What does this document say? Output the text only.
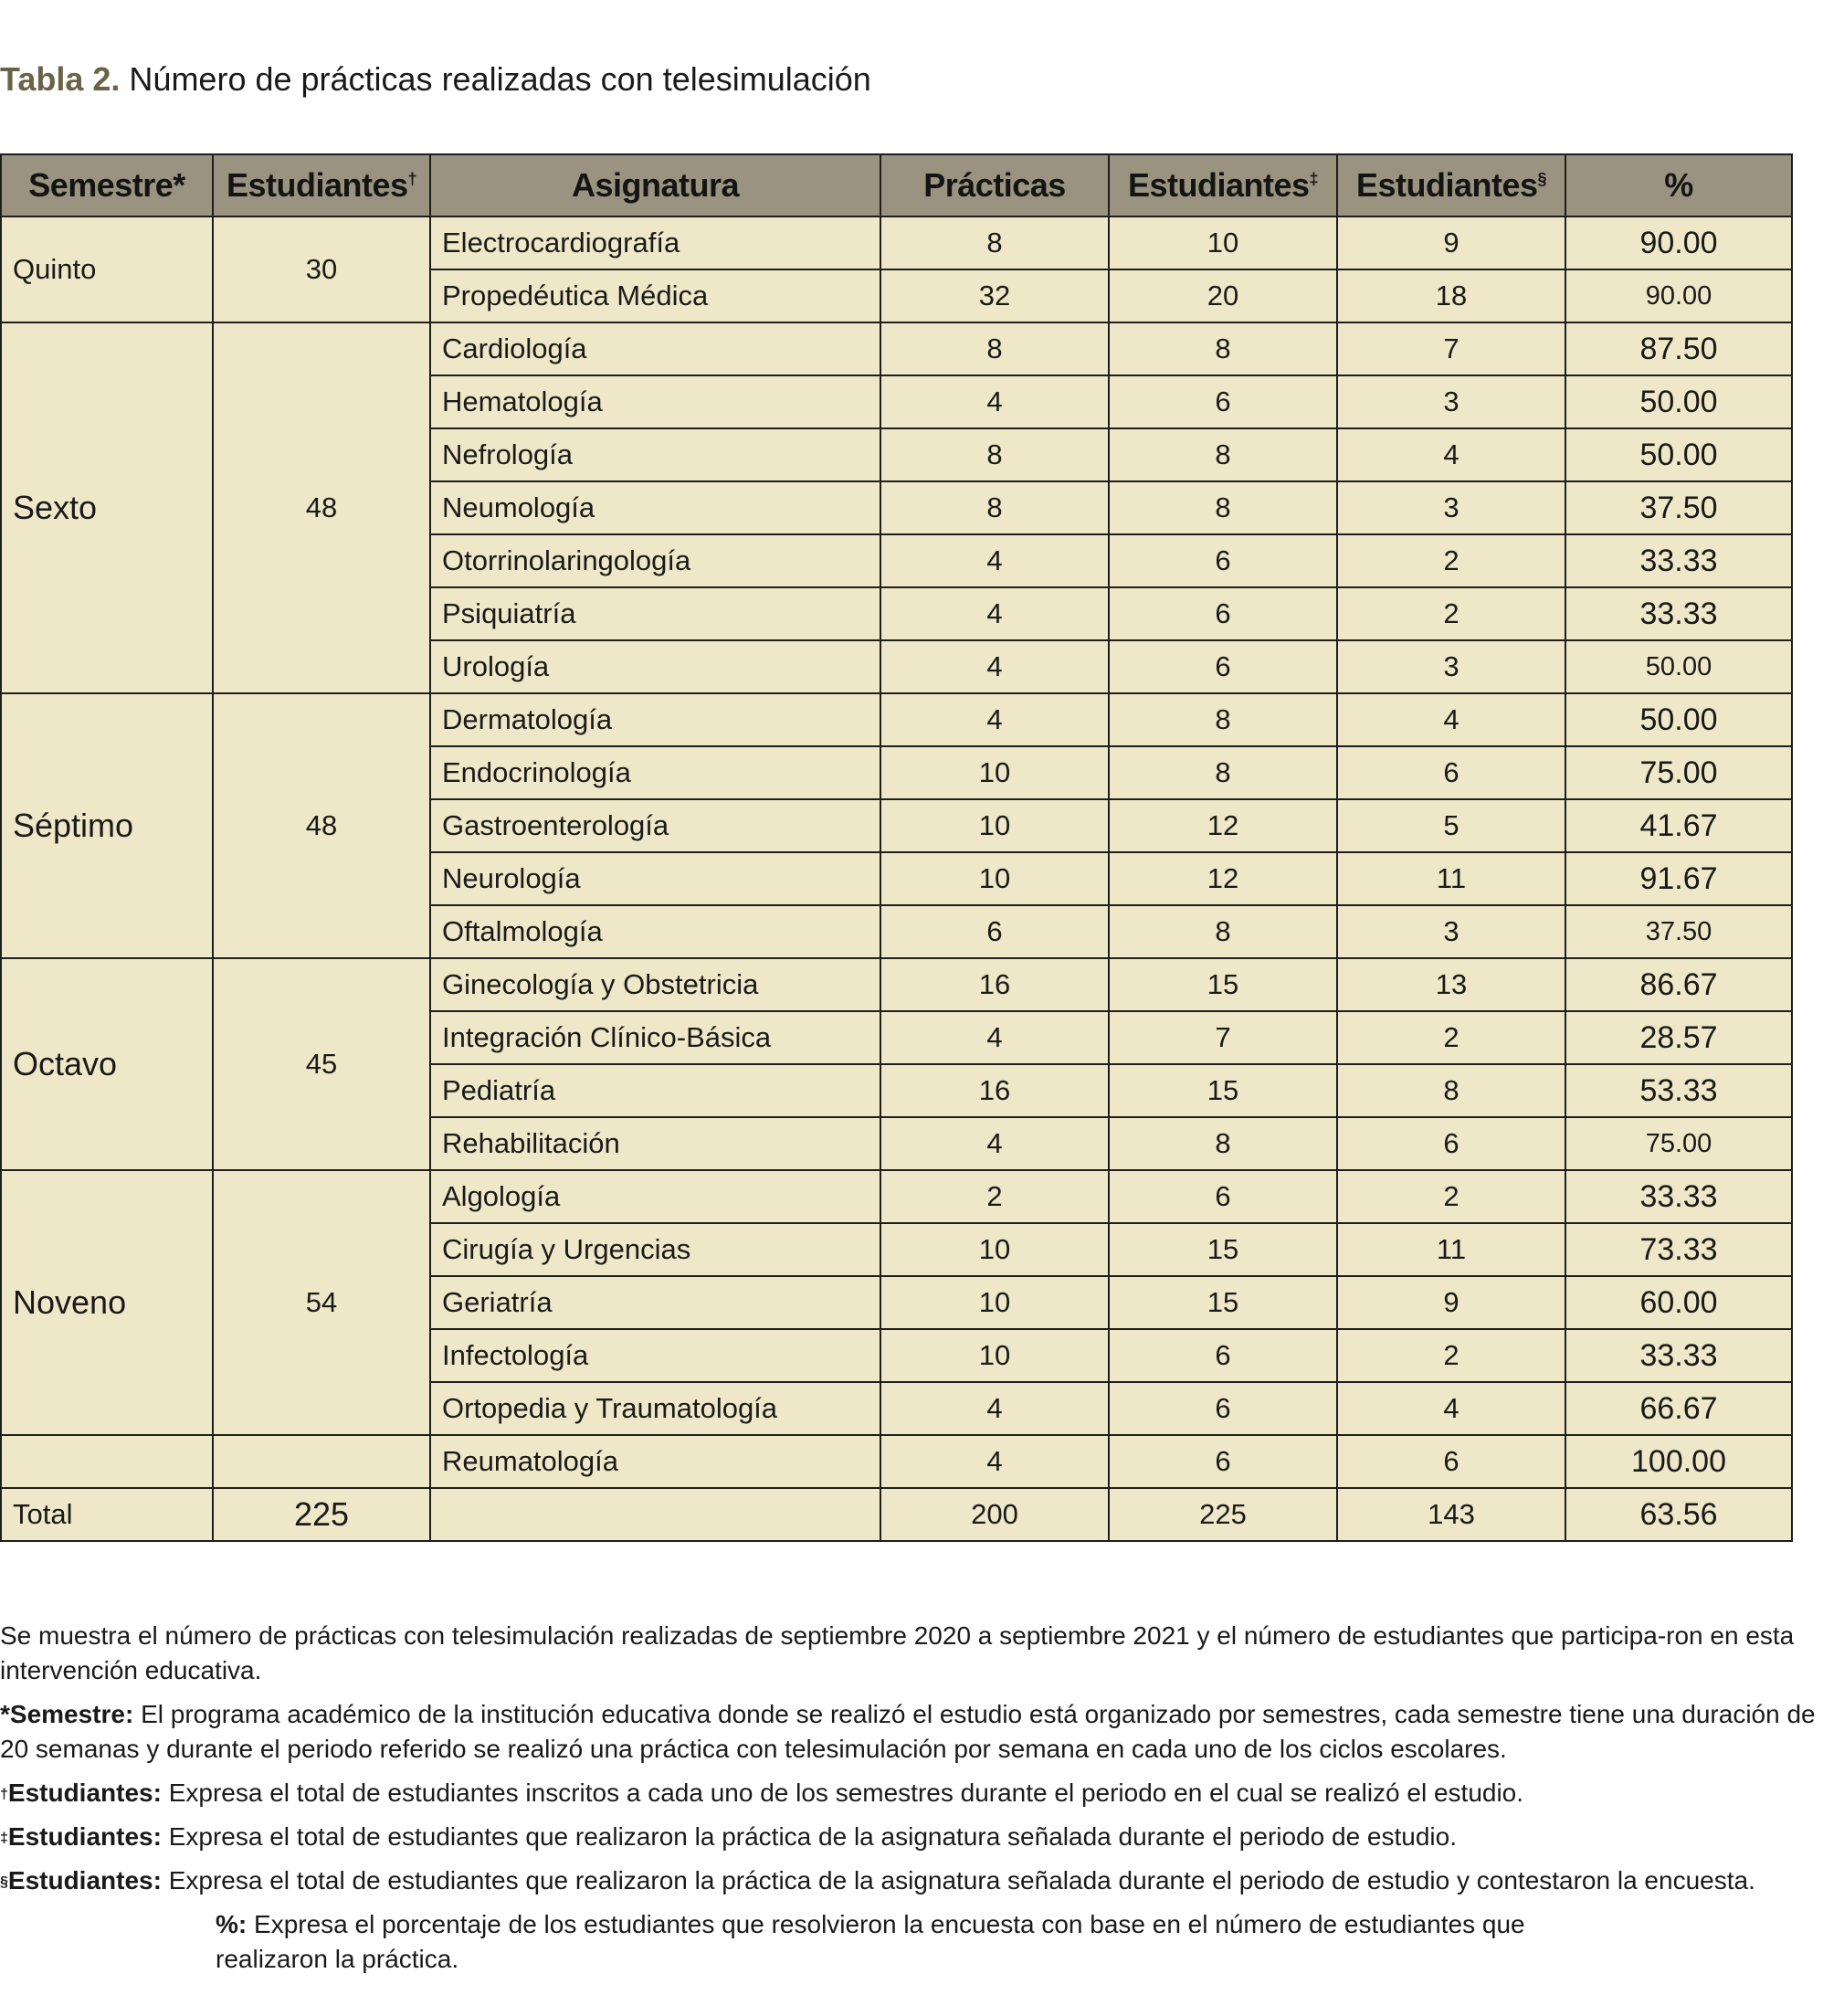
Tabla 2. Número de prácticas realizadas con telesimulación
Semestre*	Estudiantes†	Asignatura	Prácticas	Estudiantes‡	Estudiantes§	%
Quinto	30	Electrocardiografía	8	10	9	90.00
		Propedéutica Médica	32	20	18	90.00
Sexto	48	Cardiología	8	8	7	87.50
		Hematología	4	6	3	50.00
		Nefrología	8	8	4	50.00
		Neumología	8	8	3	37.50
		Otorrinolaringología	4	6	2	33.33
		Psiquiatría	4	6	2	33.33
		Urología	4	6	3	50.00
Séptimo	48	Dermatología	4	8	4	50.00
		Endocrinología	10	8	6	75.00
		Gastroenterología	10	12	5	41.67
		Neurología	10	12	11	91.67
		Oftalmología	6	8	3	37.50
Octavo	45	Ginecología y Obstetricia	16	15	13	86.67
		Integración Clínico-Básica	4	7	2	28.57
		Pediatría	16	15	8	53.33
		Rehabilitación	4	8	6	75.00
Noveno	54	Algología	2	6	2	33.33
		Cirugía y Urgencias	10	15	11	73.33
		Geriatría	10	15	9	60.00
		Infectología	10	6	2	33.33
		Ortopedia y Traumatología	4	6	4	66.67
		Reumatología	4	6	6	100.00
Total	225		200	225	143	63.56

Se muestra el número de prácticas con telesimulación realizadas de septiembre 2020 a septiembre 2021 y el número de estudiantes que participa-ron en esta intervención educativa.

*Semestre: El programa académico de la institución educativa donde se realizó el estudio está organizado por semestres, cada semestre tiene una duración de 20 semanas y durante el periodo referido se realizó una práctica con telesimulación por semana en cada uno de los ciclos escolares.

†Estudiantes: Expresa el total de estudiantes inscritos a cada uno de los semestres durante el periodo en el cual se realizó el estudio.

‡Estudiantes: Expresa el total de estudiantes que realizaron la práctica de la asignatura señalada durante el periodo de estudio.

§Estudiantes: Expresa el total de estudiantes que realizaron la práctica de la asignatura señalada durante el periodo de estudio y contestaron la encuesta.

%: Expresa el porcentaje de los estudiantes que resolvieron la encuesta con base en el número de estudiantes que realizaron la práctica.
